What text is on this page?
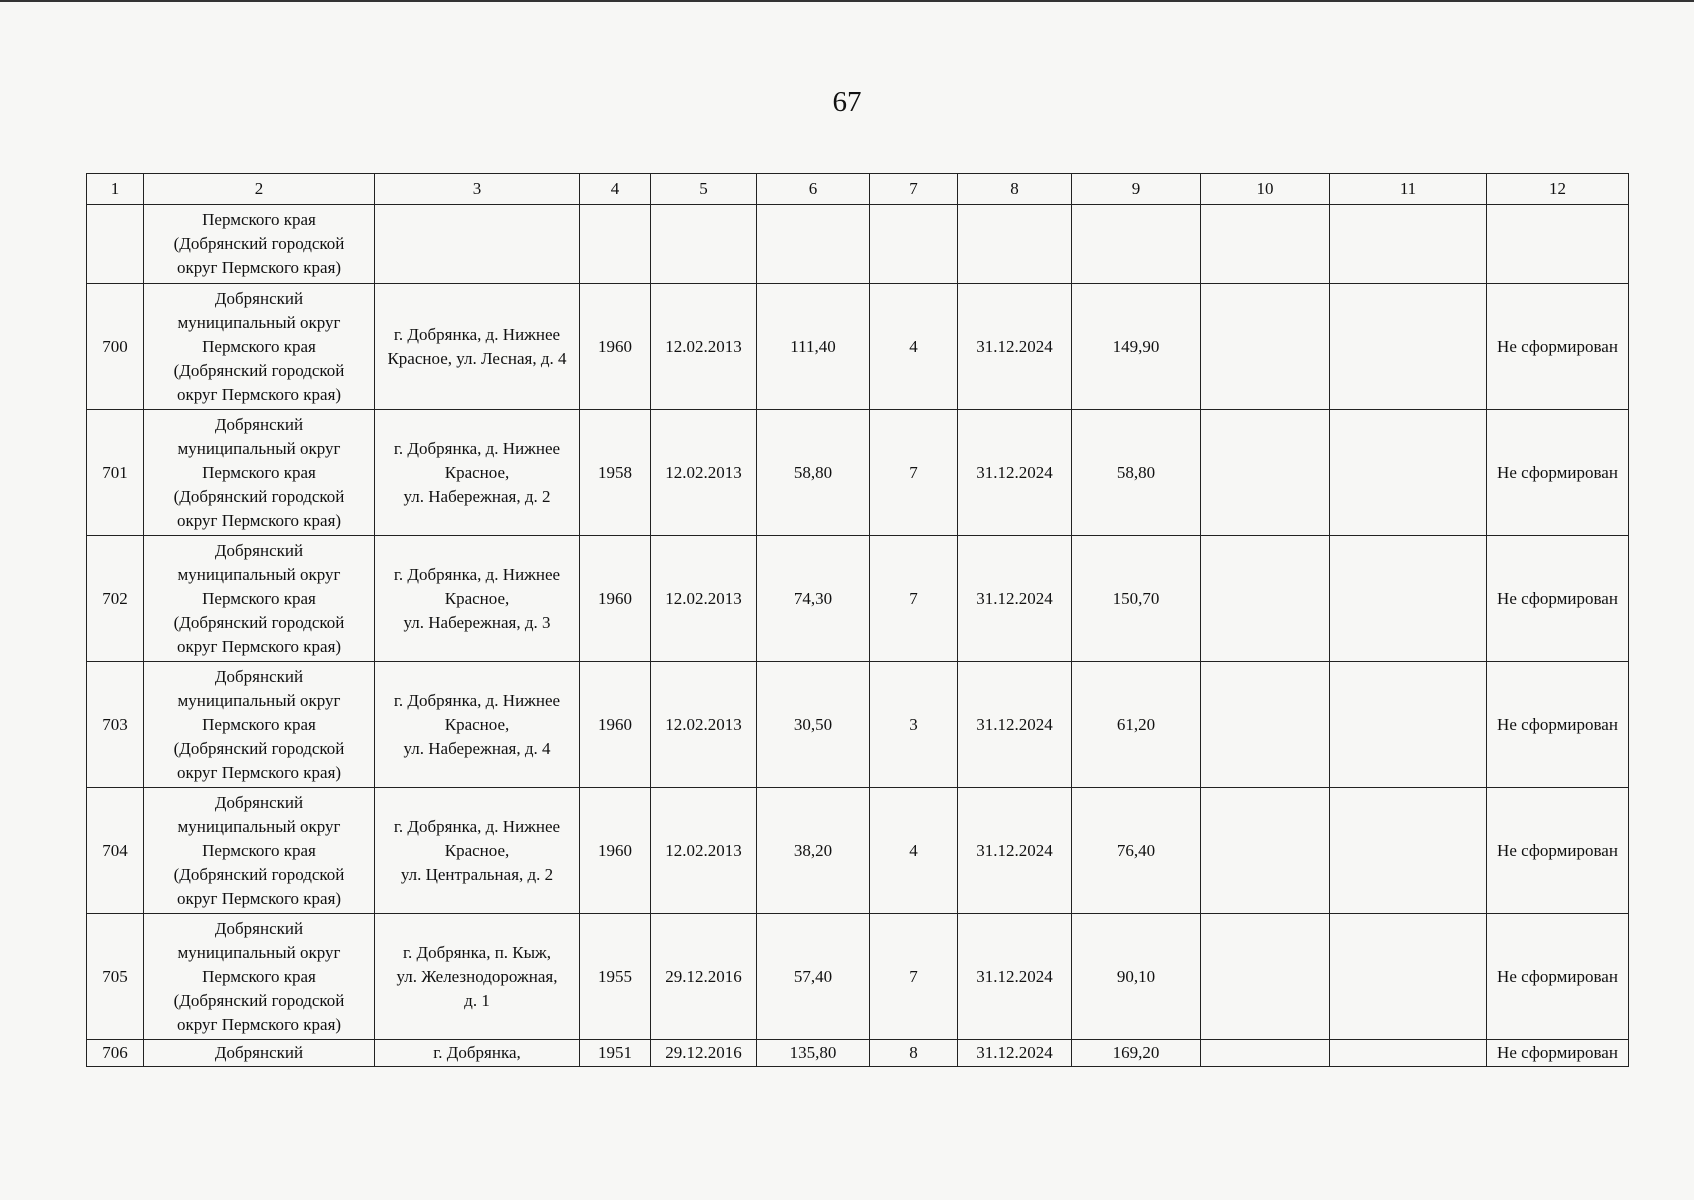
67
1	2	3	4	5	6	7	8	9	10	11	12
	Пермского края
(Добрянский городской
округ Пермского края)										
700	Добрянский
муниципальный округ
Пермского края
(Добрянский городской
округ Пермского края)	г. Добрянка, д. Нижнее
Красное, ул. Лесная, д. 4	1960	12.02.2013	111,40	4	31.12.2024	149,90			Не сформирован
701	Добрянский
муниципальный округ
Пермского края
(Добрянский городской
округ Пермского края)	г. Добрянка, д. Нижнее
Красное,
ул. Набережная, д. 2	1958	12.02.2013	58,80	7	31.12.2024	58,80			Не сформирован
702	Добрянский
муниципальный округ
Пермского края
(Добрянский городской
округ Пермского края)	г. Добрянка, д. Нижнее
Красное,
ул. Набережная, д. 3	1960	12.02.2013	74,30	7	31.12.2024	150,70			Не сформирован
703	Добрянский
муниципальный округ
Пермского края
(Добрянский городской
округ Пермского края)	г. Добрянка, д. Нижнее
Красное,
ул. Набережная, д. 4	1960	12.02.2013	30,50	3	31.12.2024	61,20			Не сформирован
704	Добрянский
муниципальный округ
Пермского края
(Добрянский городской
округ Пермского края)	г. Добрянка, д. Нижнее
Красное,
ул. Центральная, д. 2	1960	12.02.2013	38,20	4	31.12.2024	76,40			Не сформирован
705	Добрянский
муниципальный округ
Пермского края
(Добрянский городской
округ Пермского края)	г. Добрянка, п. Кыж,
ул. Железнодорожная,
д. 1	1955	29.12.2016	57,40	7	31.12.2024	90,10			Не сформирован
706	Добрянский	г. Добрянка,	1951	29.12.2016	135,80	8	31.12.2024	169,20			Не сформирован
